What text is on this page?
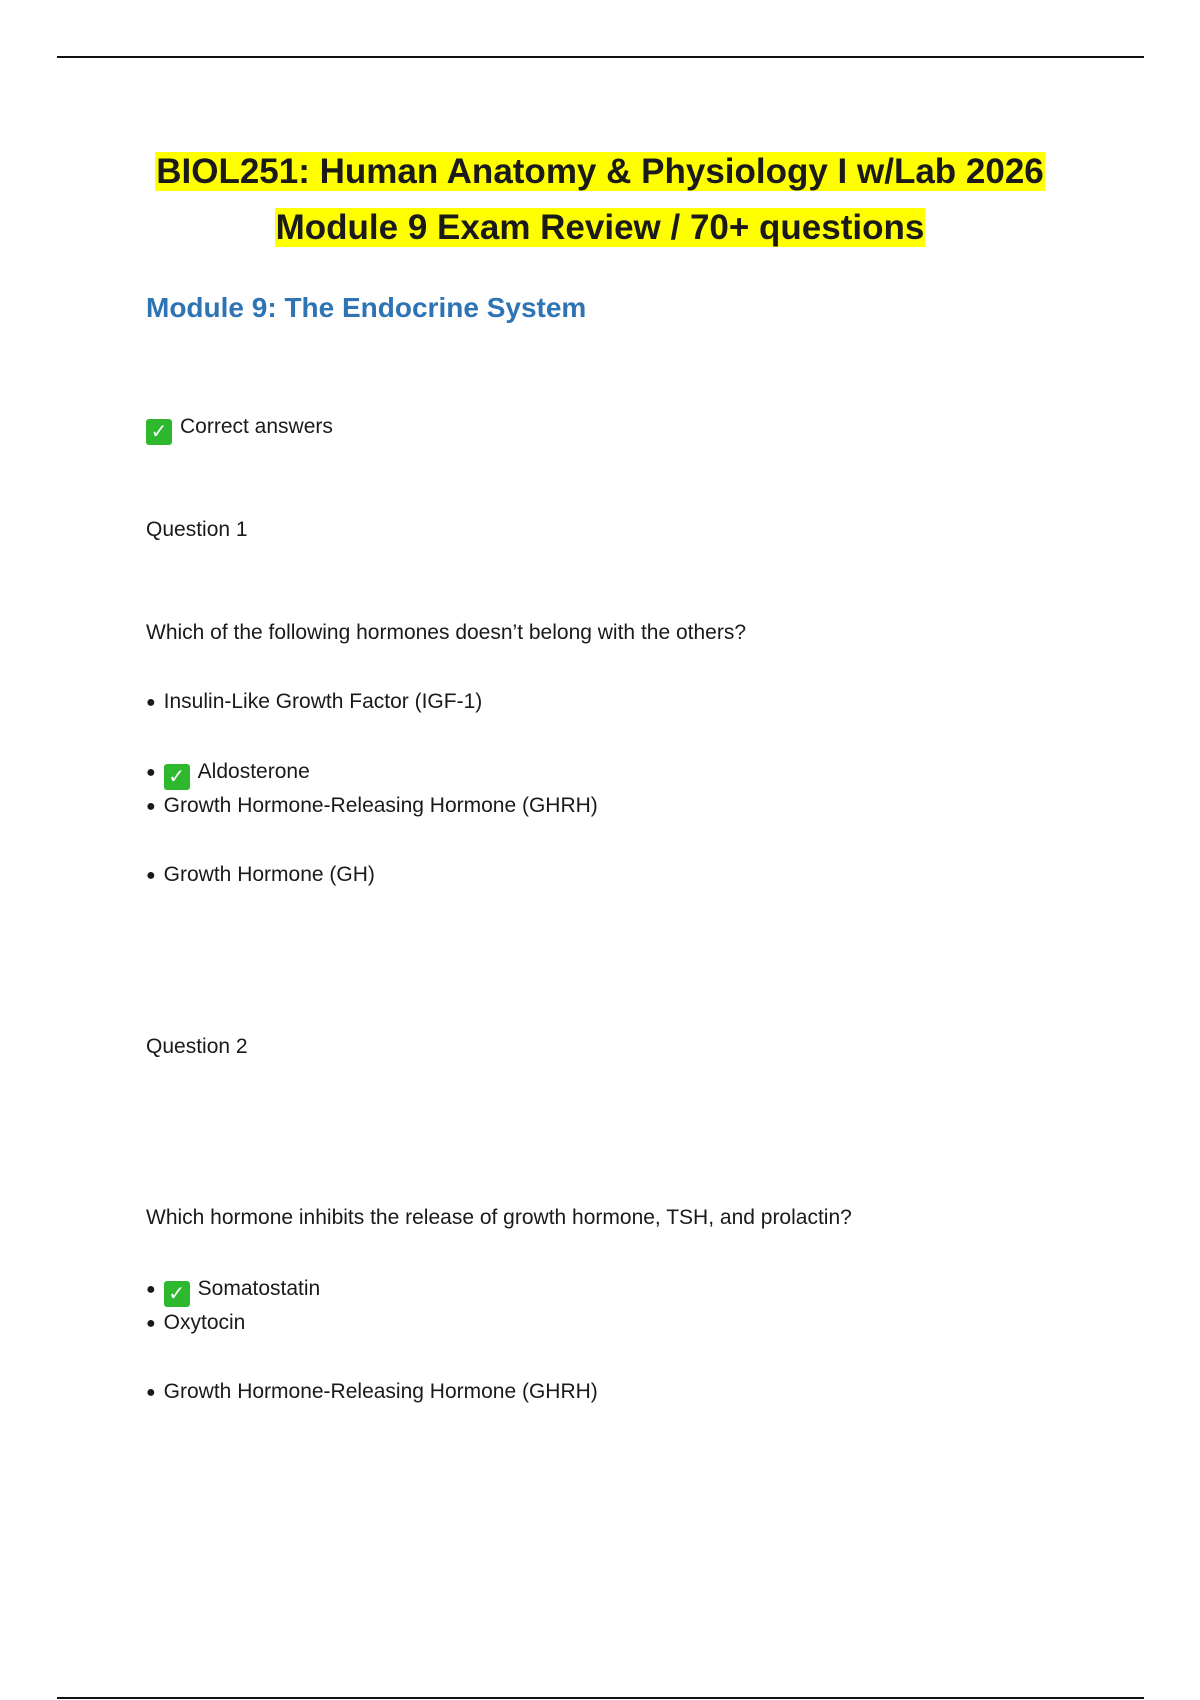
BIOL251: Human Anatomy & Physiology I w/Lab 2026
Module 9 Exam Review / 70+ questions
Module 9: The Endocrine System
✓ Correct answers
Question 1
Which of the following hormones doesn’t belong with the others?
● Insulin-Like Growth Factor (IGF-1)
● ✓ Aldosterone
● Growth Hormone-Releasing Hormone (GHRH)
● Growth Hormone (GH)
Question 2
Which hormone inhibits the release of growth hormone, TSH, and prolactin?
● ✓ Somatostatin
● Oxytocin
● Growth Hormone-Releasing Hormone (GHRH)
